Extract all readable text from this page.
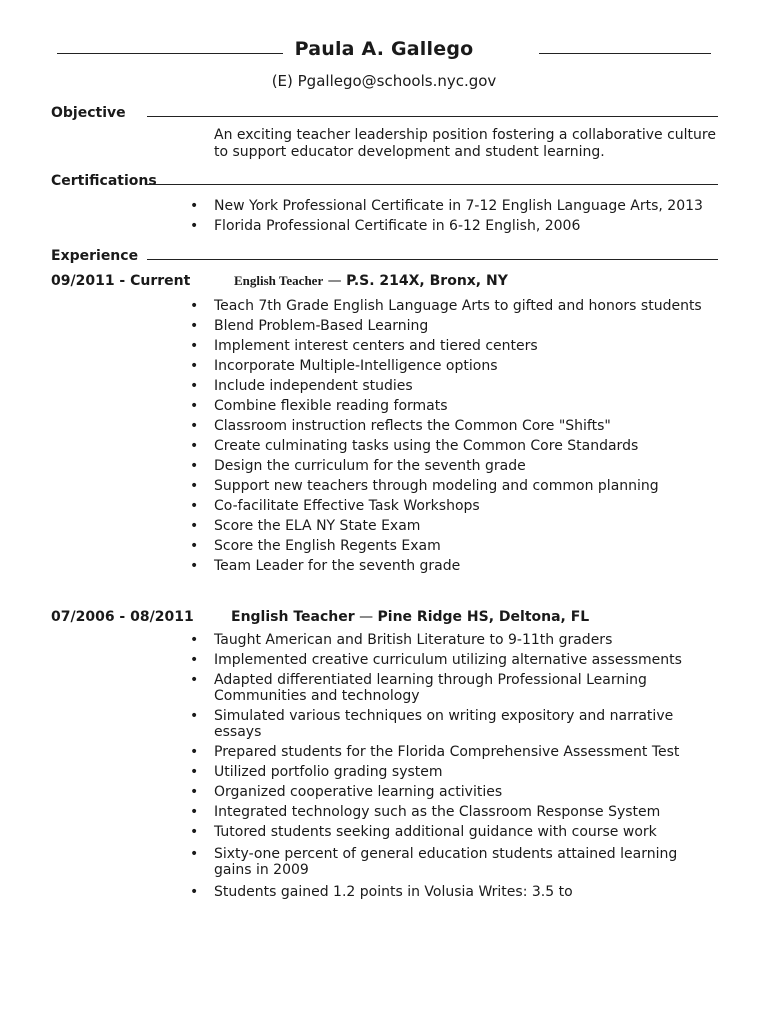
Paula A. Gallego
(E) Pgallego@schools.nyc.gov
Objective
An exciting teacher leadership position fostering a collaborative culture
to support educator development and student learning.
Certifications
• New York Professional Certificate in 7-12 English Language Arts, 2013
• Florida Professional Certificate in 6-12 English, 2006
Experience
09/2011 - Current	English Teacher — P.S. 214X, Bronx, NY
• Teach 7th Grade English Language Arts to gifted and honors students
• Blend Problem-Based Learning
• Implement interest centers and tiered centers
• Incorporate Multiple-Intelligence options
• Include independent studies
• Combine flexible reading formats
• Classroom instruction reflects the Common Core "Shifts"
• Create culminating tasks using the Common Core Standards
• Design the curriculum for the seventh grade
• Support new teachers through modeling and common planning
• Co-facilitate Effective Task Workshops
• Score the ELA NY State Exam
• Score the English Regents Exam
• Team Leader for the seventh grade
07/2006 - 08/2011	English Teacher — Pine Ridge HS, Deltona, FL
• Taught American and British Literature to 9-11th graders
• Implemented creative curriculum utilizing alternative assessments
• Adapted differentiated learning through Professional Learning Communities and technology
• Simulated various techniques on writing expository and narrative essays
• Prepared students for the Florida Comprehensive Assessment Test
• Utilized portfolio grading system
• Organized cooperative learning activities
• Integrated technology such as the Classroom Response System
• Tutored students seeking additional guidance with course work
• Sixty-one percent of general education students attained learning gains in 2009
• Students gained 1.2 points in Volusia Writes: 3.5 to
